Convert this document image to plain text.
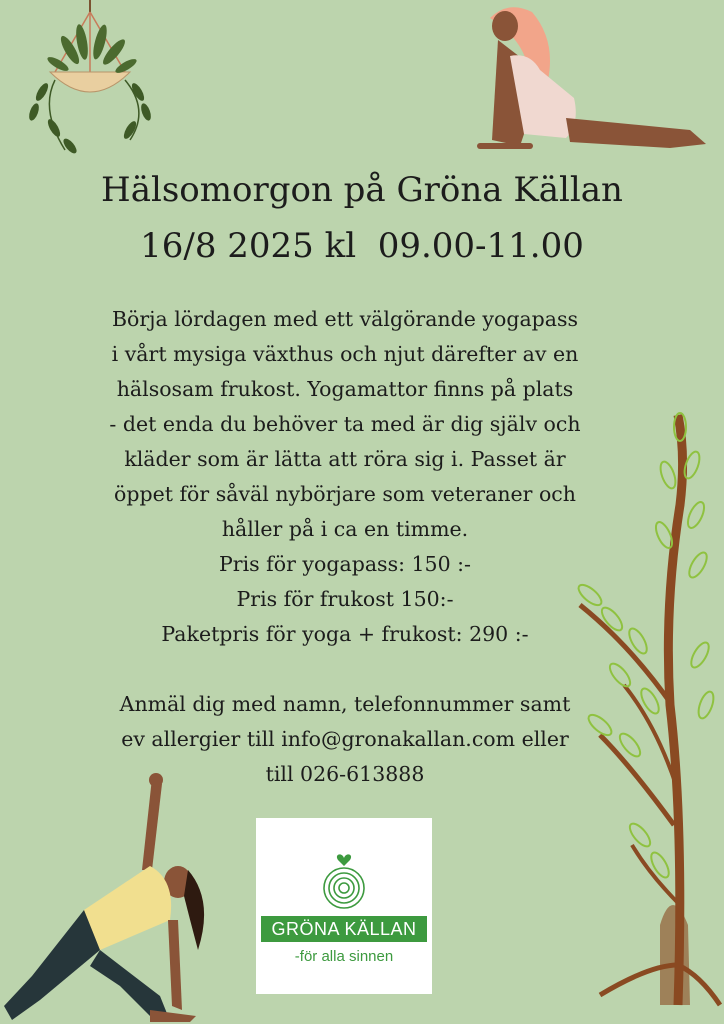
Hälsomorgon på Gröna Källan
16/8 2025 kl  09.00-11.00
Börja lördagen med ett välgörande yogapass
i vårt mysiga växthus och njut därefter av en
hälsosam frukost. Yogamattor finns på plats
- det enda du behöver ta med är dig själv och
kläder som är lätta att röra sig i. Passet är
öppet för såväl nybörjare som veteraner och
håller på i ca en timme.
Pris för yogapass: 150 :-
Pris för frukost 150:-
Paketpris för yoga + frukost: 290 :-
Anmäl dig med namn, telefonnummer samt
ev allergier till info@gronakallan.com eller
till 026-613888
GRÖNA KÄLLAN
-för alla sinnen
